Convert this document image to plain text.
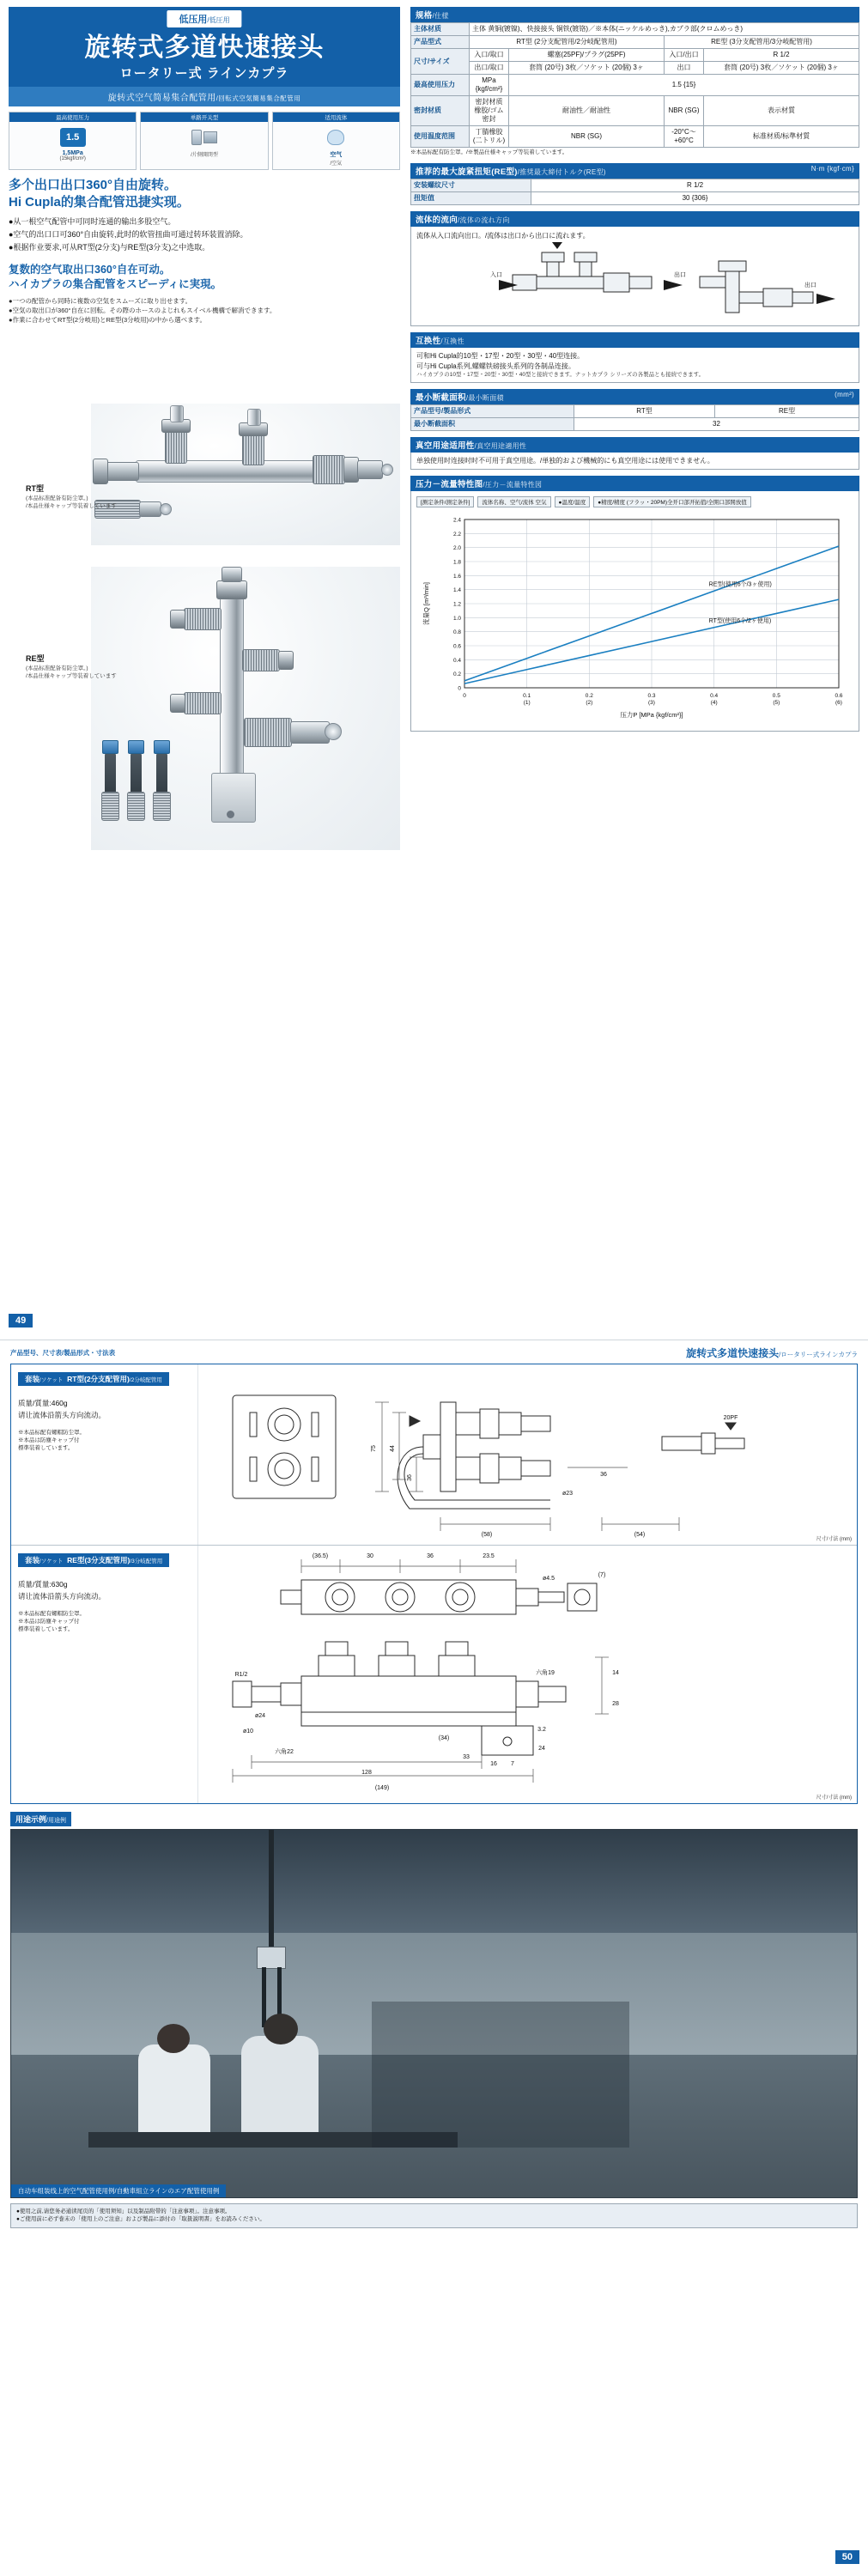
低压用/低圧用
旋转式多道快速接头
ロータリー式 ラインカプラ
旋转式空气简易集合配管用/回転式空気簡易集合配管用
最高使用压力
1.5
1.5MPa
(15kgf/cm²)
单路开关型
/片側開閉型
适用流体
空气
/空気
多个出口出口360°自由旋转。
Hi Cupla的集合配管迅捷实现。
●从一根空气配管中可同时连通的输出多股空气。
●空气的出口口可360°自由旋转,此时的软管扭曲可通过转环装置消除。
●根据作业要求,可从RT型(2分支)与RE型(3分支)之中选取。
复数的空气取出口360°自在可动。
ハイカプラの集合配管をスピーディに実現。
●一つの配管から同時に複数の空気をスムーズに取り出せます。
●空気の取出口が360°自在に回転。その際のホースのよじれもスイベル機構で解消できます。
●作業に合わせてRT型(2分岐用)とRE型(3分岐用)の中から選べます。
RT型
(本品标准配备有防尘罩。)
/本品仕様キャップ等装着しています
RE型
(本品标准配备有防尘罩。)
/本品仕様キャップ等装着しています
49
规格/仕様
主体材质	主体 黄铜(镀镍)、快接接头 铜铁(镀铬)／※本体(ニッケルめっき),カプラ部(クロムめっき)			
产品型式	RT型 (2分支配管用/2分岐配管用)		RE型 (3分支配管用/3分岐配管用)	
尺寸/サイズ	入口/取口	螺塞(25PF)/プラグ(25PF)	入口/出口	R 1/2
	出口/取口	套筒 (20号) 3枚／ソケット (20個) 3ヶ	出口	套筒 (20号) 3枚／ソケット (20個) 3ヶ
最高使用压力	MPa {kgf/cm²}	1.5 {15}		
密封材质	密封材质 橡胶/ゴム 密封	耐油性／耐油性	NBR (SG)	表示材質
使用温度范围	丁腈橡胶(二トリル)	NBR (SG)	-20°C～+60°C	标准材质/标準材質
※本品标配有防尘罩。/※製品仕様キャップ等装着しています。
推荐的最大旋紧扭矩(RE型)/推奨最大締付トルク(RE型)	N·m {kgf·cm}
安装螺纹尺寸	R 1/2
扭矩值	30 {306}
流体的流向/流体の流れ方向
流体从入口流向出口。/流体は出口から出口に流れます。
入口	出口
出口
互换性/互換性
可和Hi Cupla的10型・17型・20型・30型・40型连接。
可与Hi Cupla系列,螺螺铁磅接头系列的各制品连接。
ハイカプラの10型・17型・20型・30型・40型と接続できます。ナットカプラ シリーズの各製品とも接続できます。
最小断截面积/最小断面積	(mm²)
产品型号/製品形式	RT型	RE型
最小断截面积	32	
真空用途适用性/真空用途適用性
单独使用时连接时时不可用于真空用途。/単独的および機械的にも真空用途には使用できません。
压力－流量特性图/圧力－流量特性図
[测定条件/測定条件]	流体名称、空气/流体 空気	●温度/温度	●精度/精度 (フラッ・20PM)全开口部开拓值/全開口部開放值
0
0.2
0.4
0.6
0.8
1.0
1.2
1.4
1.6
1.8
2.0
2.2
2.4
0	0.1
(1)
0.2
(2)
0.3
(3)
0.4
(4)
0.5
(5)
0.6
(6)
RE型(使用6个/3ヶ使用)
RT型(使用6个/2ヶ使用)
压力P [MPa {kgf/cm²}]
流量Q [m³/min]
产品型号、尺寸表/製品形式・寸法表	旋转式多道快速接头/ロータリー式ラインカプラ
套装/ソケット RT型(2分支配管用)/2分岐配管用
质量/質量:460g
请让流体沿箭头方向流动。
※本品标配有螺帽防尘罩。
※本品は防塵キャップ付
標準装着しています。	75 44
36
(58)
ø23
36
(54)
20PF
尺寸/寸法 (mm)
套装/ソケット RE型(3分支配管用)/3分岐配管用
质量/質量:630g
请让流体沿箭头方向流动。
※本品标配有螺帽防尘罩。
※本品は防塵キャップ付
標準装着しています。
(36.5)	30	36	23.5
ø4.5
(7)
14
28
R1/2
ø24
ø10
六角19
(34)
六角22
128
(149)
3.2
24
16 7
33
尺寸/寸法 (mm)
用途示例/用途例
自动车组装线上的空气配管使用例/自動車組立ラインのエア配管使用例
●使用之前,请您务必通读尾页的「使用须知」以及制品附带的「注意事项」。注意事项。
●ご使用前に必ず巻末の「使用上のご注意」および製品に添付の「取扱説明書」をお読みください。
50
